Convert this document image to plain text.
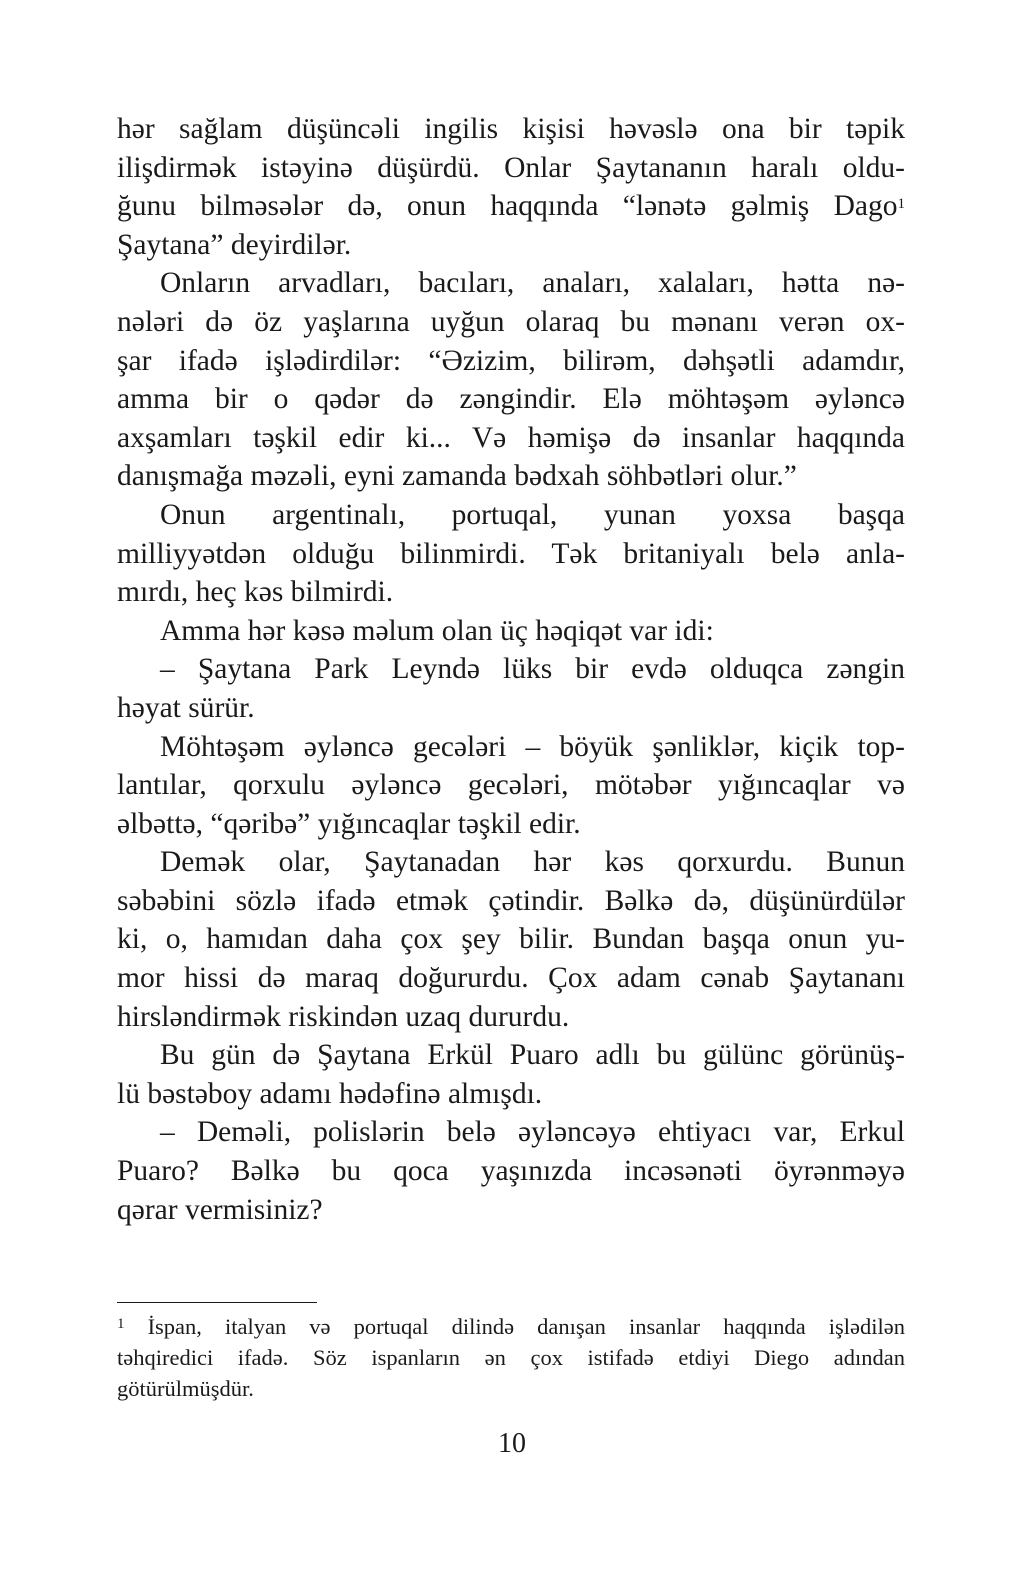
hər sağlam düşüncəli ingilis kişisi həvəslə ona bir təpik
ilişdirmək istəyinə düşürdü. Onlar Şaytananın haralı oldu-
ğunu bilməsələr də, onun haqqında “lənətə gəlmiş Dago$^1$
Şaytana” deyirdilər.
Onların arvadları, bacıları, anaları, xalaları, hətta nə-
nələri də öz yaşlarına uyğun olaraq bu mənanı verən ox-
şar ifadə işlədirdilər: “Əzizim, bilirəm, dəhşətli adamdır,
amma bir o qədər də zəngindir. Elə möhtəşəm əyləncə
axşamları təşkil edir ki... Və həmişə də insanlar haqqında
danışmağa məzəli, eyni zamanda bədxah söhbətləri olur.”
Onun argentinalı, portuqal, yunan yoxsa başqa
milliyyətdən olduğu bilinmirdi. Tək britaniyalı belə anla-
mırdı, heç kəs bilmirdi.
Amma hər kəsə məlum olan üç həqiqət var idi:
– Şaytana Park Leyndə lüks bir evdə olduqca zəngin
həyat sürür.
Möhtəşəm əyləncə gecələri – böyük şənliklər, kiçik top-
lantılar, qorxulu əyləncə gecələri, mötəbər yığıncaqlar və
əlbəttə, “qəribə” yığıncaqlar təşkil edir.
Demək olar, Şaytanadan hər kəs qorxurdu. Bunun
səbəbini sözlə ifadə etmək çətindir. Bəlkə də, düşünürdülər
ki, o, hamıdan daha çox şey bilir. Bundan başqa onun yu-
mor hissi də maraq doğururdu. Çox adam cənab Şaytananı
hirsləndirmək riskindən uzaq dururdu.
Bu gün də Şaytana Erkül Puaro adlı bu gülünc görünüş-
lü bəstəboy adamı hədəfinə almışdı.
– Deməli, polislərin belə əyləncəyə ehtiyacı var, Erkul
Puaro? Bəlkə bu qoca yaşınızda incəsənəti öyrənməyə
qərar vermisiniz?
$^1$ İspan, italyan və portuqal dilində danışan insanlar haqqında işlədilən
təhqiredici ifadə. Söz ispanların ən çox istifadə etdiyi Diego adından
götürülmüşdür.
10
